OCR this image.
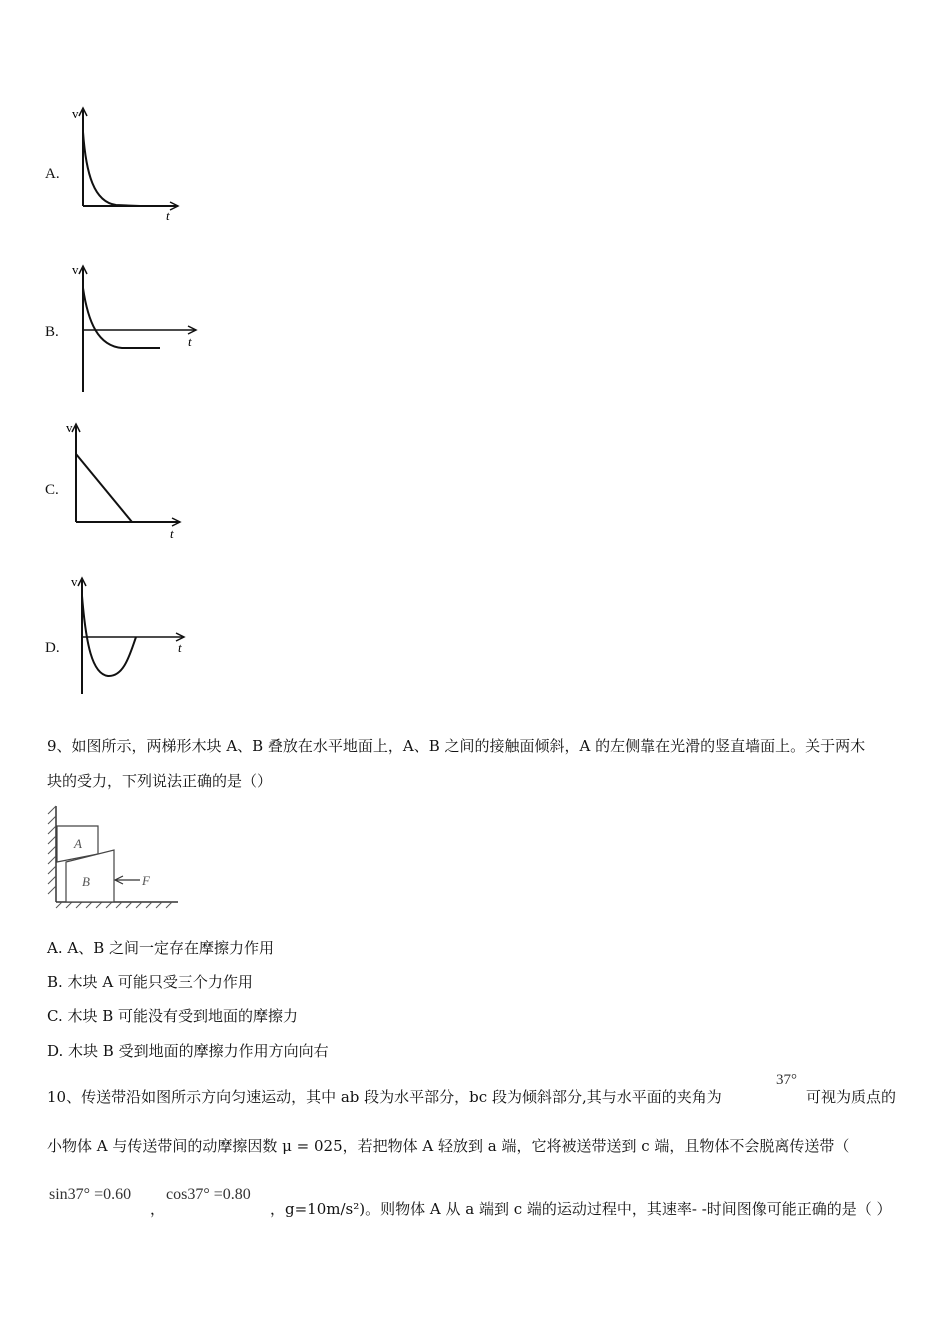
A.
v
t
B.
v
t
C.
v
t
D.
v
t
9、如图所示，两梯形木块 A、B 叠放在水平地面上，A、B 之间的接触面倾斜，A 的左侧靠在光滑的竖直墙面上。关于两木
块的受力，下列说法正确的是（）
A
B	F
A. A、B 之间一定存在摩擦力作用
B. 木块 A 可能只受三个力作用
C. 木块 B 可能没有受到地面的摩擦力
D. 木块 B 受到地面的摩擦力作用方向向右
10、传送带沿如图所示方向匀速运动，其中 ab 段为水平部分，bc 段为倾斜部分,其与水平面的夹角为
37°
可视为质点的
小物体 A 与传送带间的动摩擦因数 μ = 025，若把物体 A 轻放到 a 端，它将被送带送到 c 端，且物体不会脱离传送带（
sin37° =0.60
，
cos37° =0.80
，g=10m/s²)。则物体 A 从 a 端到 c 端的运动过程中，其速率- -时间图像可能正确的是（ ）
